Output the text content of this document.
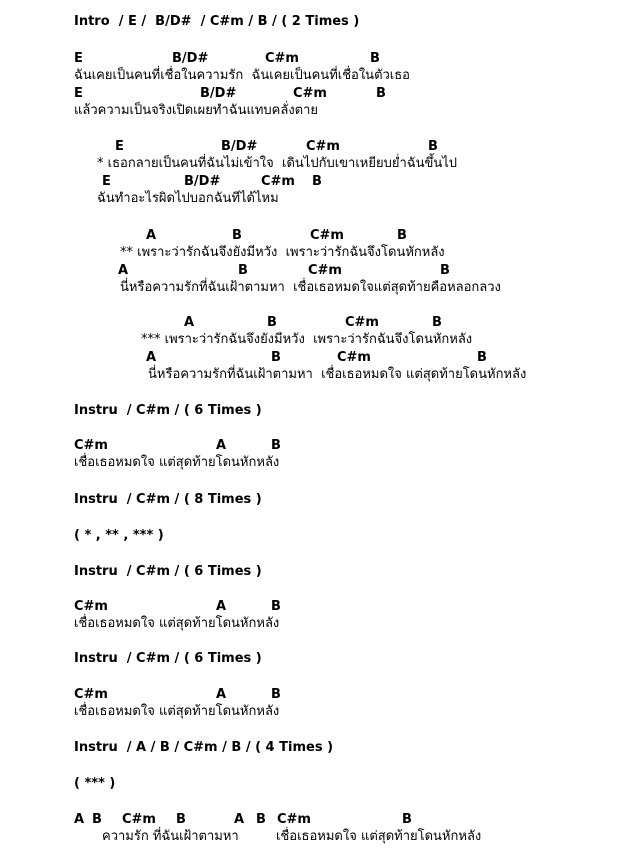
Intro  / E /  B/D#  / C#m / B / ( 2 Times )
E	B/D#	C#m	B
ฉันเคยเป็นคนที่เชื่อในความรัก  ฉันเคยเป็นคนที่เชื่อในตัวเธอ
E	B/D#	C#m	B
แล้วความเป็นจริงเปิดเผยทำฉันแทบคลั่งตาย
E	B/D#	C#m	B
* เธอกลายเป็นคนที่ฉันไม่เข้าใจ  เดินไปกับเขาเหยียบย่ำฉันขึ้นไป
E	B/D#	C#m B
ฉันทำอะไรผิดไปบอกฉันทีได้ไหม
A	B	C#m	B
** เพราะว่ารักฉันจึงยังมีหวัง  เพราะว่ารักฉันจึงโดนหักหลัง
A	B	C#m	B
นี่หรือความรักที่ฉันเฝ้าตามหา  เชื่อเธอหมดใจแต่สุดท้ายคือหลอกลวง
A	B	C#m	B
*** เพราะว่ารักฉันจึงยังมีหวัง  เพราะว่ารักฉันจึงโดนหักหลัง
A	B	C#m	B
นี่หรือความรักที่ฉันเฝ้าตามหา  เชื่อเธอหมดใจ แต่สุดท้ายโดนหักหลัง
Instru  / C#m / ( 6 Times )
C#m	A	B
เชื่อเธอหมดใจ แต่สุดท้ายโดนหักหลัง
Instru  / C#m / ( 8 Times )
( * , ** , *** )
Instru  / C#m / ( 6 Times )
C#m	A	B
เชื่อเธอหมดใจ แต่สุดท้ายโดนหักหลัง
Instru  / C#m / ( 6 Times )
C#m	A	B
เชื่อเธอหมดใจ แต่สุดท้ายโดนหักหลัง
Instru  / A / B / C#m / B / ( 4 Times )
( *** )
A B C#m B	A B C#m	B
ความรัก ที่ฉันเฝ้าตามหา	เชื่อเธอหมดใจ แต่สุดท้ายโดนหักหลัง
